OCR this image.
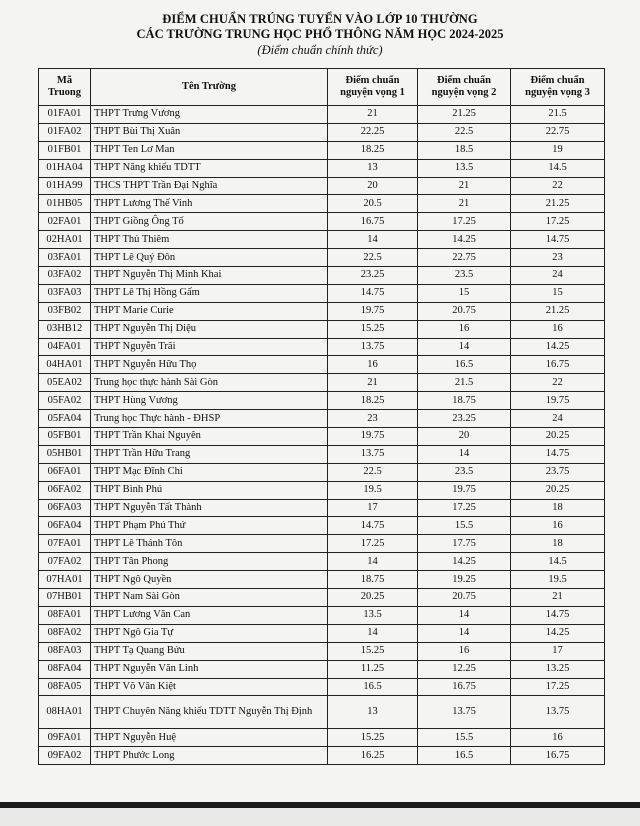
ĐIỂM CHUẨN TRÚNG TUYỂN VÀO LỚP 10 THƯỜNG
CÁC TRƯỜNG TRUNG HỌC PHỔ THÔNG NĂM HỌC 2024-2025
(Điểm chuẩn chính thức)
Mã Truong	Tên Trường	Điểm chuẩn nguyện vọng 1	Điểm chuẩn nguyện vọng 2	Điểm chuẩn nguyện vọng 3
01FA01	THPT Trưng Vương	21	21.25	21.5
01FA02	THPT Bùi Thị Xuân	22.25	22.5	22.75
01FB01	THPT Ten Lơ Man	18.25	18.5	19
01HA04	THPT Năng khiếu TDTT	13	13.5	14.5
01HA99	THCS THPT Trần Đại Nghĩa	20	21	22
01HB05	THPT Lương Thế Vinh	20.5	21	21.25
02FA01	THPT Giồng Ông Tố	16.75	17.25	17.25
02HA01	THPT Thủ Thiêm	14	14.25	14.75
03FA01	THPT Lê Quý Đôn	22.5	22.75	23
03FA02	THPT Nguyễn Thị Minh Khai	23.25	23.5	24
03FA03	THPT Lê Thị Hồng Gấm	14.75	15	15
03FB02	THPT Marie Curie	19.75	20.75	21.25
03HB12	THPT Nguyễn Thị Diệu	15.25	16	16
04FA01	THPT Nguyễn Trãi	13.75	14	14.25
04HA01	THPT Nguyễn Hữu Thọ	16	16.5	16.75
05EA02	Trung học thực hành Sài Gòn	21	21.5	22
05FA02	THPT Hùng Vương	18.25	18.75	19.75
05FA04	Trung học Thực hành - ĐHSP	23	23.25	24
05FB01	THPT Trần Khai Nguyên	19.75	20	20.25
05HB01	THPT Trần Hữu Trang	13.75	14	14.75
06FA01	THPT Mạc Đĩnh Chi	22.5	23.5	23.75
06FA02	THPT Bình Phú	19.5	19.75	20.25
06FA03	THPT Nguyễn Tất Thành	17	17.25	18
06FA04	THPT Phạm Phú Thứ	14.75	15.5	16
07FA01	THPT Lê Thánh Tôn	17.25	17.75	18
07FA02	THPT Tân Phong	14	14.25	14.5
07HA01	THPT Ngô Quyền	18.75	19.25	19.5
07HB01	THPT Nam Sài Gòn	20.25	20.75	21
08FA01	THPT Lương Văn Can	13.5	14	14.75
08FA02	THPT Ngô Gia Tự	14	14	14.25
08FA03	THPT Tạ Quang Bửu	15.25	16	17
08FA04	THPT Nguyễn Văn Linh	11.25	12.25	13.25
08FA05	THPT Võ Văn Kiệt	16.5	16.75	17.25
08HA01	THPT Chuyên Năng khiếu TDTT Nguyễn Thị Định	13	13.75	13.75
09FA01	THPT Nguyễn Huệ	15.25	15.5	16
09FA02	THPT Phước Long	16.25	16.5	16.75
